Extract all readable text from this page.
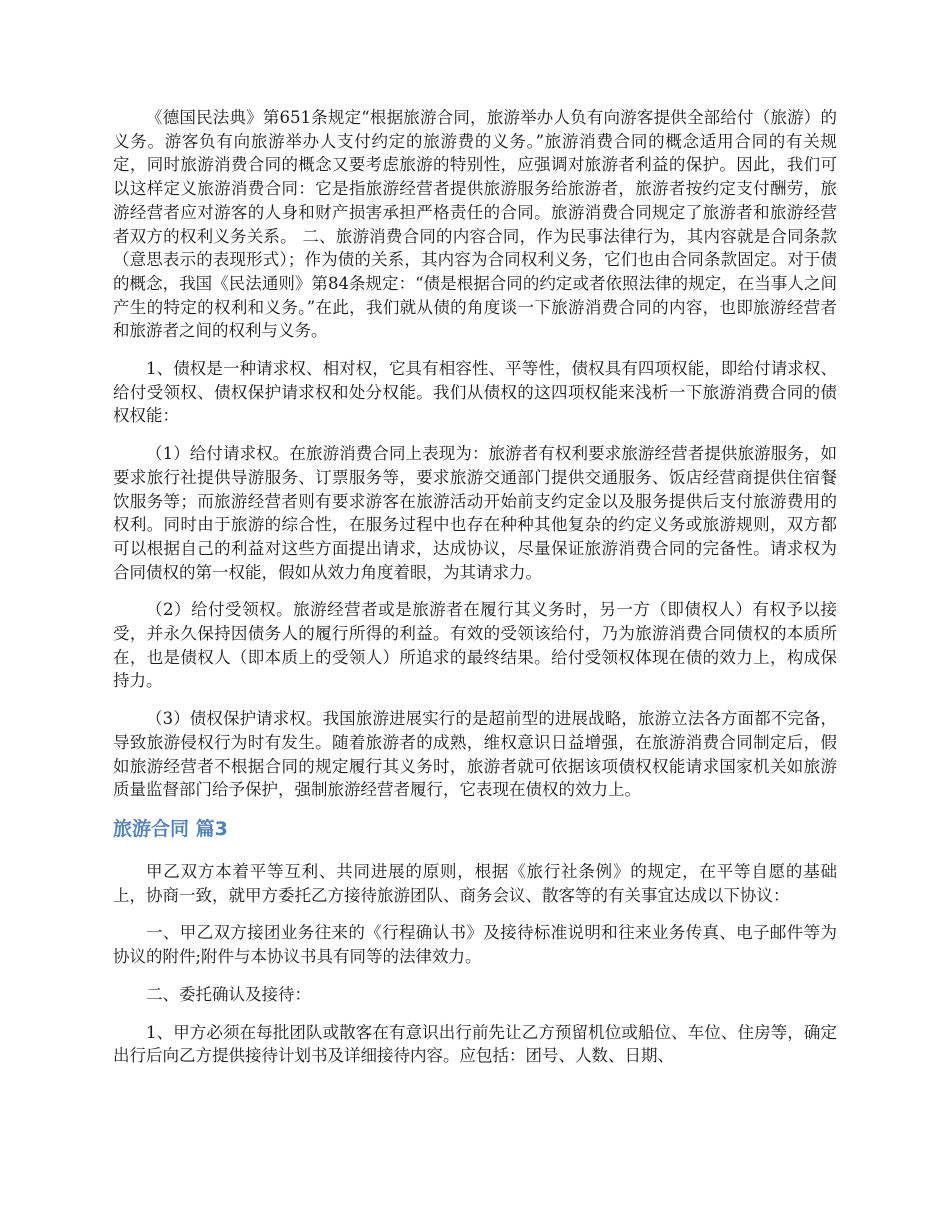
《德国民法典》第651条规定“根据旅游合同，旅游举办人负有向游客提供全部给付（旅游）的义务。游客负有向旅游举办人支付约定的旅游费的义务。”旅游消费合同的概念适用合同的有关规定，同时旅游消费合同的概念又要考虑旅游的特别性，应强调对旅游者利益的保护。因此，我们可以这样定义旅游消费合同：它是指旅游经营者提供旅游服务给旅游者，旅游者按约定支付酬劳，旅游经营者应对游客的人身和财产损害承担严格责任的合同。旅游消费合同规定了旅游者和旅游经营者双方的权利义务关系。 二、旅游消费合同的内容合同，作为民事法律行为，其内容就是合同条款（意思表示的表现形式）；作为债的关系，其内容为合同权利义务，它们也由合同条款固定。对于债的概念，我国《民法通则》第84条规定：“债是根据合同的约定或者依照法律的规定，在当事人之间产生的特定的权利和义务。”在此，我们就从债的角度谈一下旅游消费合同的内容，也即旅游经营者和旅游者之间的权利与义务。

1、债权是一种请求权、相对权，它具有相容性、平等性，债权具有四项权能，即给付请求权、给付受领权、债权保护请求权和处分权能。我们从债权的这四项权能来浅析一下旅游消费合同的债权权能：

（1）给付请求权。在旅游消费合同上表现为：旅游者有权利要求旅游经营者提供旅游服务，如要求旅行社提供导游服务、订票服务等，要求旅游交通部门提供交通服务、饭店经营商提供住宿餐饮服务等；而旅游经营者则有要求游客在旅游活动开始前支约定金以及服务提供后支付旅游费用的权利。同时由于旅游的综合性，在服务过程中也存在种种其他复杂的约定义务或旅游规则，双方都可以根据自己的利益对这些方面提出请求，达成协议，尽量保证旅游消费合同的完备性。请求权为合同债权的第一权能，假如从效力角度着眼，为其请求力。

（2）给付受领权。旅游经营者或是旅游者在履行其义务时，另一方（即债权人）有权予以接受，并永久保持因债务人的履行所得的利益。有效的受领该给付，乃为旅游消费合同债权的本质所在，也是债权人（即本质上的受领人）所追求的最终结果。给付受领权体现在债的效力上，构成保持力。

（3）债权保护请求权。我国旅游进展实行的是超前型的进展战略，旅游立法各方面都不完备，导致旅游侵权行为时有发生。随着旅游者的成熟，维权意识日益增强，在旅游消费合同制定后，假如旅游经营者不根据合同的规定履行其义务时，旅游者就可依据该项债权权能请求国家机关如旅游质量监督部门给予保护，强制旅游经营者履行，它表现在债权的效力上。

旅游合同 篇3

甲乙双方本着平等互利、共同进展的原则，根据《旅行社条例》的规定，在平等自愿的基础上，协商一致，就甲方委托乙方接待旅游团队、商务会议、散客等的有关事宜达成以下协议：

一、甲乙双方接团业务往来的《行程确认书》及接待标准说明和往来业务传真、电子邮件等为协议的附件;附件与本协议书具有同等的法律效力。

二、委托确认及接待：

1、甲方必须在每批团队或散客在有意识出行前先让乙方预留机位或船位、车位、住房等，确定出行后向乙方提供接待计划书及详细接待内容。应包括：团号、人数、日期、
